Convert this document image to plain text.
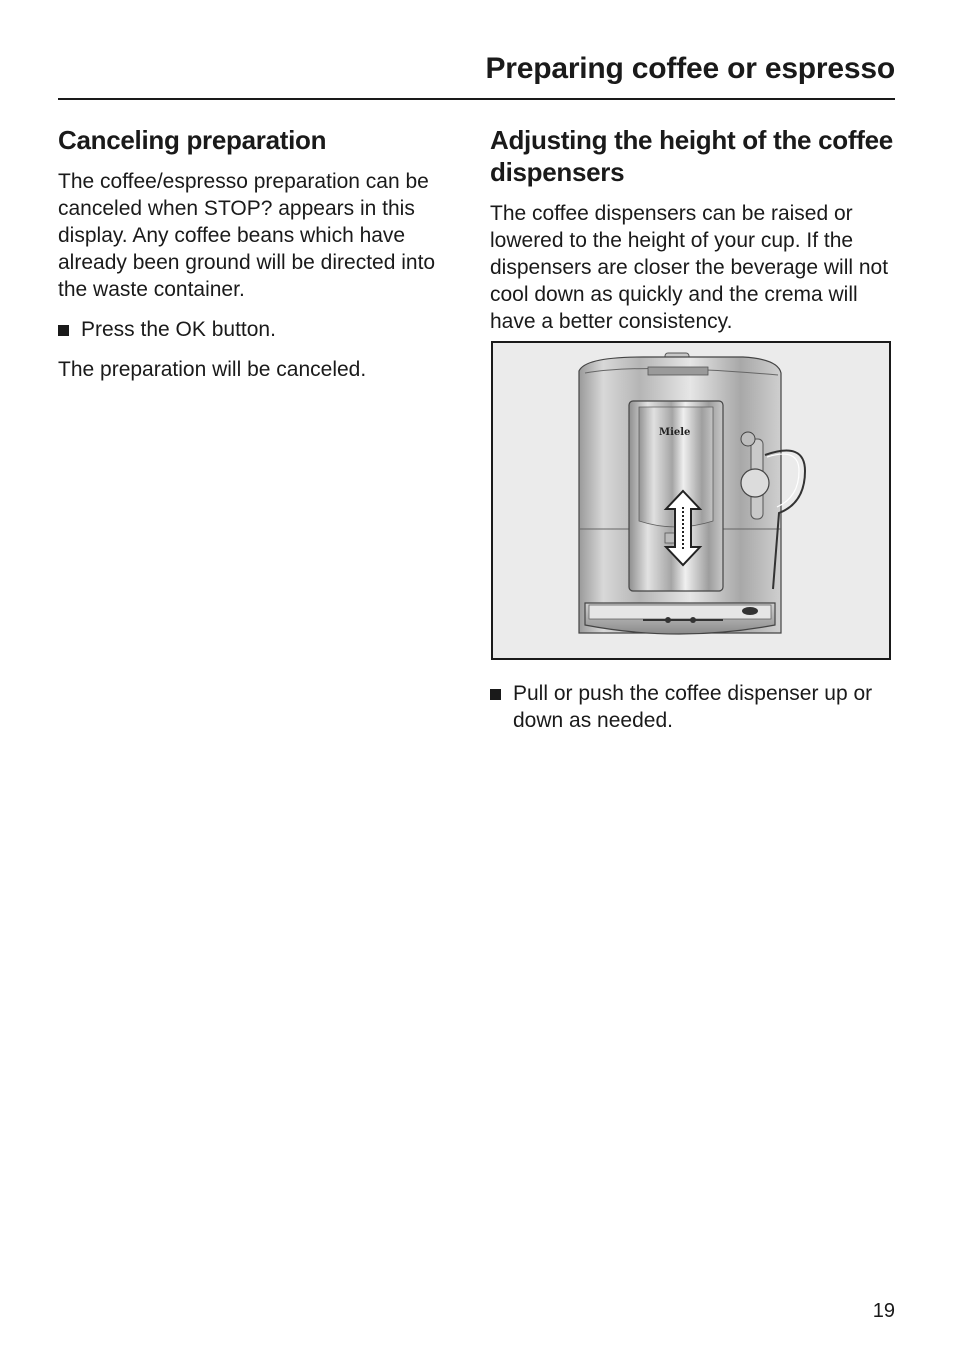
Preparing coffee or espresso
Canceling preparation

The coffee/espresso preparation can be canceled when STOP? appears in this display. Any coffee beans which have already been ground will be directed into the waste container.

Press the OK button.

The preparation will be canceled.

Adjusting the height of the coffee dispensers

The coffee dispensers can be raised or lowered to the height of your cup. If the dispensers are closer the beverage will not cool down as quickly and the crema will have a better consistency.

Miele
Pull or push the coffee dispenser up or down as needed.
19
